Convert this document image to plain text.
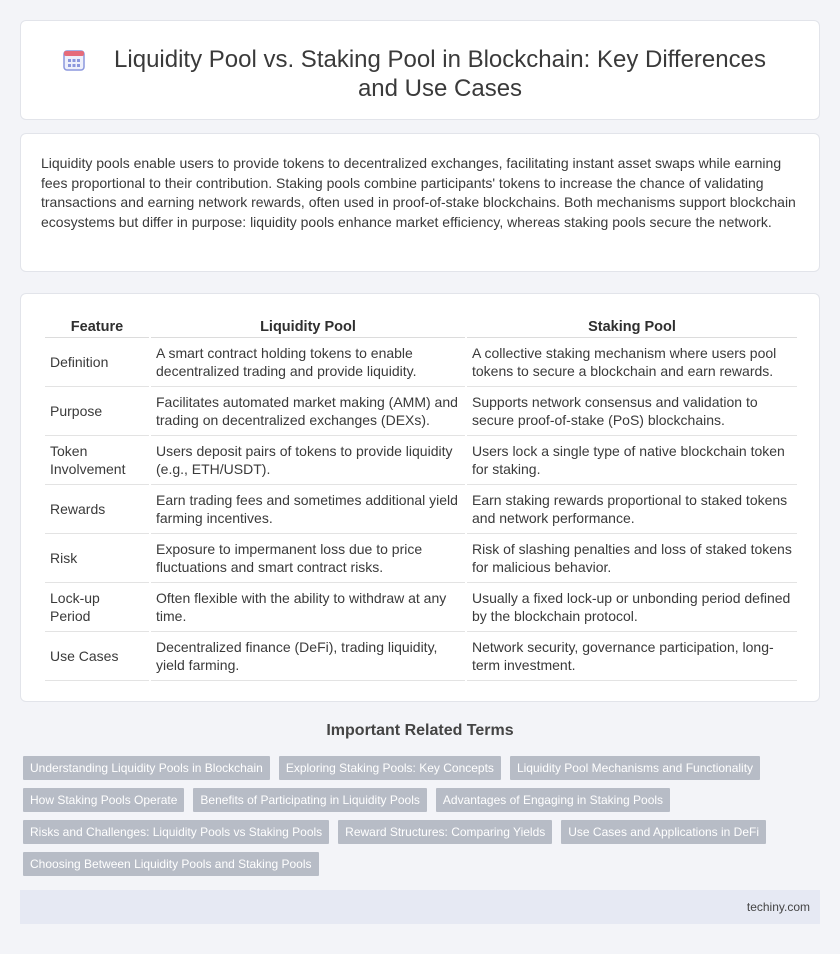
Liquidity Pool vs. Staking Pool in Blockchain: Key Differences and Use Cases

Liquidity pools enable users to provide tokens to decentralized exchanges, facilitating instant asset swaps while earning fees proportional to their contribution. Staking pools combine participants' tokens to increase the chance of validating transactions and earning network rewards, often used in proof-of-stake blockchains. Both mechanisms support blockchain ecosystems but differ in purpose: liquidity pools enhance market efficiency, whereas staking pools secure the network.

Feature	Liquidity Pool	Staking Pool
Definition	A smart contract holding tokens to enable decentralized trading and provide liquidity.	A collective staking mechanism where users pool tokens to secure a blockchain and earn rewards.
Purpose	Facilitates automated market making (AMM) and trading on decentralized exchanges (DEXs).	Supports network consensus and validation to secure proof-of-stake (PoS) blockchains.
Token Involvement	Users deposit pairs of tokens to provide liquidity (e.g., ETH/USDT).	Users lock a single type of native blockchain token for staking.
Rewards	Earn trading fees and sometimes additional yield farming incentives.	Earn staking rewards proportional to staked tokens and network performance.
Risk	Exposure to impermanent loss due to price fluctuations and smart contract risks.	Risk of slashing penalties and loss of staked tokens for malicious behavior.
Lock-up Period	Often flexible with the ability to withdraw at any time.	Usually a fixed lock-up or unbonding period defined by the blockchain protocol.
Use Cases	Decentralized finance (DeFi), trading liquidity, yield farming.	Network security, governance participation, long-term investment.
Important Related Terms
Understanding Liquidity Pools in Blockchain	Exploring Staking Pools: Key Concepts	Liquidity Pool Mechanisms and Functionality
How Staking Pools Operate	Benefits of Participating in Liquidity Pools	Advantages of Engaging in Staking Pools
Risks and Challenges: Liquidity Pools vs Staking Pools	Reward Structures: Comparing Yields	Use Cases and Applications in DeFi
Choosing Between Liquidity Pools and Staking Pools
techiny.com
